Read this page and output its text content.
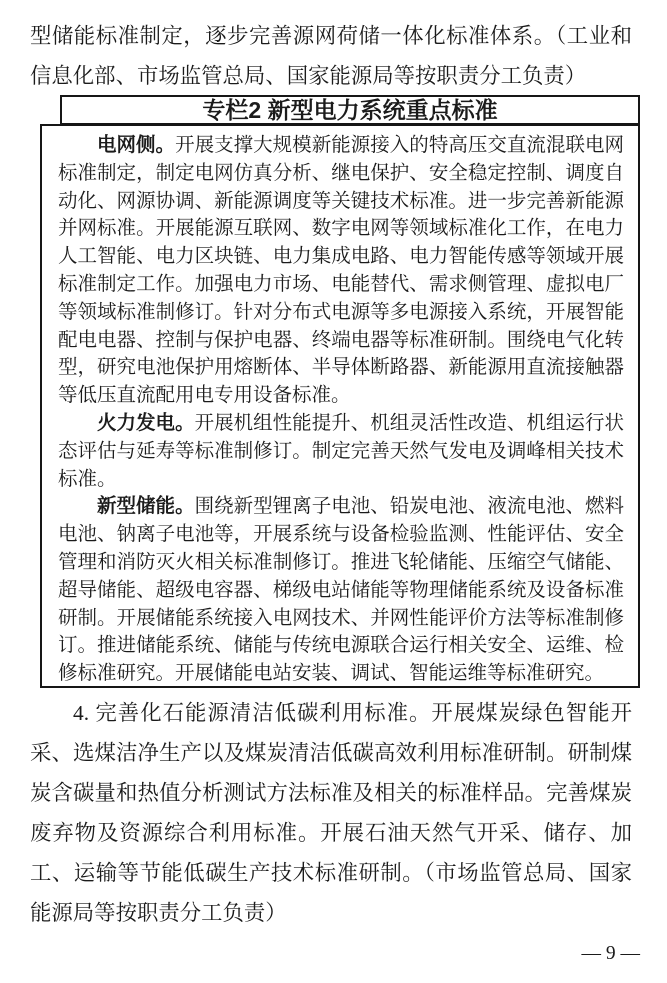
型储能标准制定，逐步完善源网荷储一体化标准体系。（工业和信息化部、市场监管总局、国家能源局等按职责分工负责）

专栏2 新型电力系统重点标准

电网侧。开展支撑大规模新能源接入的特高压交直流混联电网标准制定，制定电网仿真分析、继电保护、安全稳定控制、调度自动化、网源协调、新能源调度等关键技术标准。进一步完善新能源并网标准。开展能源互联网、数字电网等领域标准化工作，在电力人工智能、电力区块链、电力集成电路、电力智能传感等领域开展标准制定工作。加强电力市场、电能替代、需求侧管理、虚拟电厂等领域标准制修订。针对分布式电源等多电源接入系统，开展智能配电电器、控制与保护电器、终端电器等标准研制。围绕电气化转型，研究电池保护用熔断体、半导体断路器、新能源用直流接触器等低压直流配用电专用设备标准。

火力发电。开展机组性能提升、机组灵活性改造、机组运行状态评估与延寿等标准制修订。制定完善天然气发电及调峰相关技术标准。

新型储能。围绕新型锂离子电池、铅炭电池、液流电池、燃料电池、钠离子电池等，开展系统与设备检验监测、性能评估、安全管理和消防灭火相关标准制修订。推进飞轮储能、压缩空气储能、超导储能、超级电容器、梯级电站储能等物理储能系统及设备标准研制。开展储能系统接入电网技术、并网性能评价方法等标准制修订。推进储能系统、储能与传统电源联合运行相关安全、运维、检修标准研究。开展储能电站安装、调试、智能运维等标准研究。

4. 完善化石能源清洁低碳利用标准。开展煤炭绿色智能开采、选煤洁净生产以及煤炭清洁低碳高效利用标准研制。研制煤炭含碳量和热值分析测试方法标准及相关的标准样品。完善煤炭废弃物及资源综合利用标准。开展石油天然气开采、储存、加工、运输等节能低碳生产技术标准研制。（市场监管总局、国家能源局等按职责分工负责）

— 9 —
